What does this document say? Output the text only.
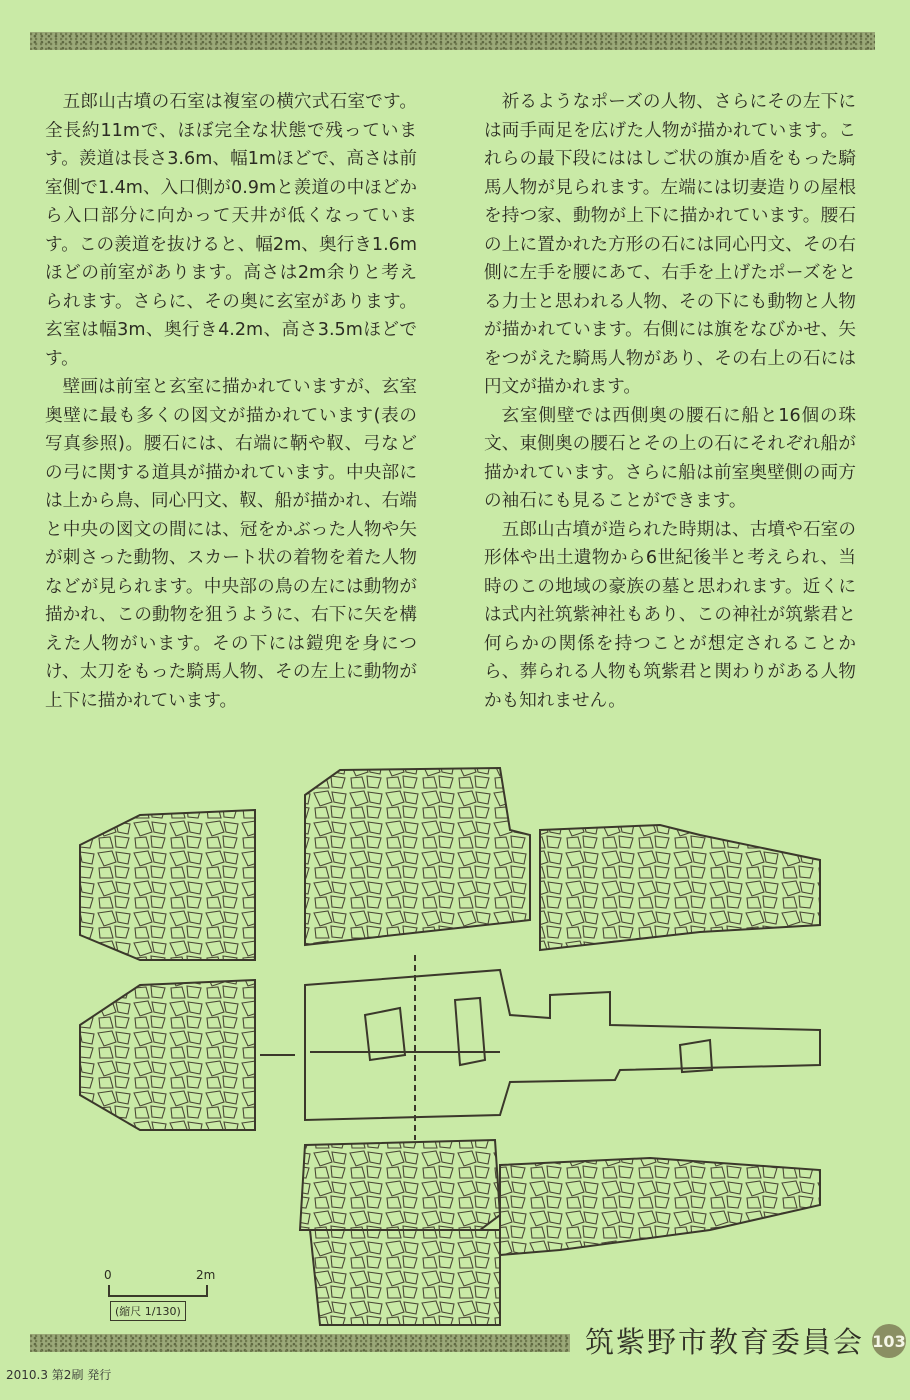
五郎山古墳の石室は複室の横穴式石室です。全長約11mで、ほぼ完全な状態で残っています。羨道は長さ3.6m、幅1mほどで、高さは前室側で1.4m、入口側が0.9mと羨道の中ほどから入口部分に向かって天井が低くなっています。この羨道を抜けると、幅2m、奥行き1.6mほどの前室があります。高さは2m余りと考えられます。さらに、その奥に玄室があります。玄室は幅3m、奥行き4.2m、高さ3.5mほどです。

壁画は前室と玄室に描かれていますが、玄室奥壁に最も多くの図文が描かれています(表の写真参照)。腰石には、右端に鞆や靫、弓などの弓に関する道具が描かれています。中央部には上から鳥、同心円文、靫、船が描かれ、右端と中央の図文の間には、冠をかぶった人物や矢が刺さった動物、スカート状の着物を着た人物などが見られます。中央部の鳥の左には動物が描かれ、この動物を狙うように、右下に矢を構えた人物がいます。その下には鎧兜を身につけ、太刀をもった騎馬人物、その左上に動物が上下に描かれています。

祈るようなポーズの人物、さらにその左下には両手両足を広げた人物が描かれています。これらの最下段にははしご状の旗か盾をもった騎馬人物が見られます。左端には切妻造りの屋根を持つ家、動物が上下に描かれています。腰石の上に置かれた方形の石には同心円文、その右側に左手を腰にあて、右手を上げたポーズをとる力士と思われる人物、その下にも動物と人物が描かれています。右側には旗をなびかせ、矢をつがえた騎馬人物があり、その右上の石には円文が描かれます。

玄室側壁では西側奥の腰石に船と16個の珠文、東側奥の腰石とその上の石にそれぞれ船が描かれています。さらに船は前室奥壁側の両方の袖石にも見ることができます。

五郎山古墳が造られた時期は、古墳や石室の形体や出土遺物から6世紀後半と考えられ、当時のこの地域の豪族の墓と思われます。近くには式内社筑紫神社もあり、この神社が筑紫君と何らかの関係を持つことが想定されることから、葬られる人物も筑紫君と関わりがある人物かも知れません。

0	2m
(縮尺 1/130)
筑紫野市教育委員会 103
2010.3 第2刷 発行
